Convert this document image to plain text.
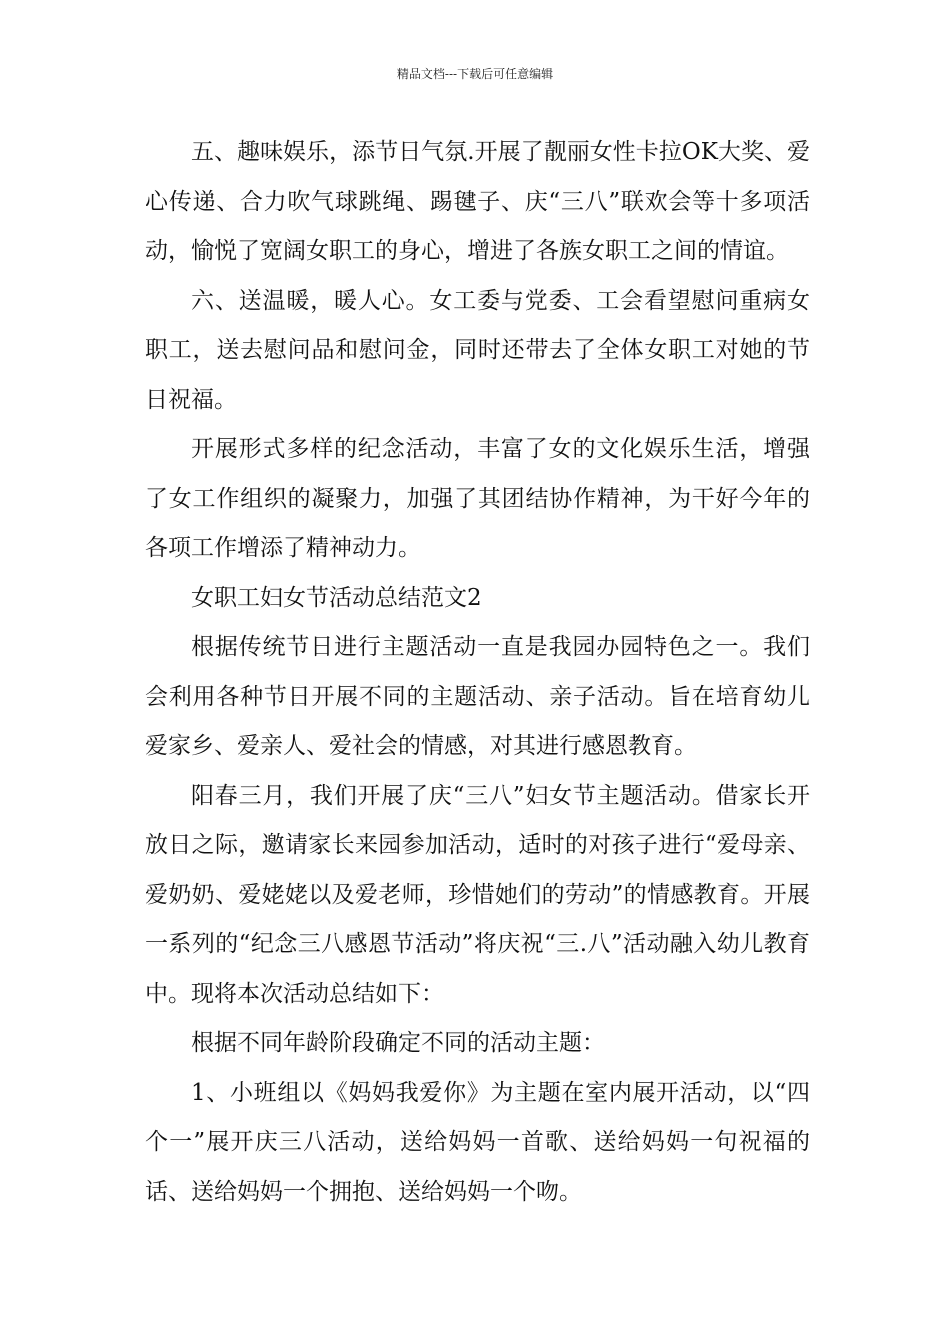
精品文档---下载后可任意编辑

五、趣味娱乐，添节日气氛.开展了靓丽女性卡拉OK大奖、爱心传递、合力吹气球跳绳、踢毽子、庆“三八”联欢会等十多项活动，愉悦了宽阔女职工的身心，增进了各族女职工之间的情谊。

六、送温暖，暖人心。女工委与党委、工会看望慰问重病女职工，送去慰问品和慰问金，同时还带去了全体女职工对她的节日祝福。

开展形式多样的纪念活动，丰富了女的文化娱乐生活，增强了女工作组织的凝聚力，加强了其团结协作精神，为干好今年的各项工作增添了精神动力。

女职工妇女节活动总结范文2

根据传统节日进行主题活动一直是我园办园特色之一。我们会利用各种节日开展不同的主题活动、亲子活动。旨在培育幼儿爱家乡、爱亲人、爱社会的情感，对其进行感恩教育。

阳春三月，我们开展了庆“三八”妇女节主题活动。借家长开放日之际，邀请家长来园参加活动，适时的对孩子进行“爱母亲、爱奶奶、爱姥姥以及爱老师，珍惜她们的劳动”的情感教育。开展一系列的“纪念三八感恩节活动”将庆祝“三.八”活动融入幼儿教育中。现将本次活动总结如下：

根据不同年龄阶段确定不同的活动主题：

1、小班组以《妈妈我爱你》为主题在室内展开活动，以“四个一”展开庆三八活动，送给妈妈一首歌、送给妈妈一句祝福的话、送给妈妈一个拥抱、送给妈妈一个吻。
